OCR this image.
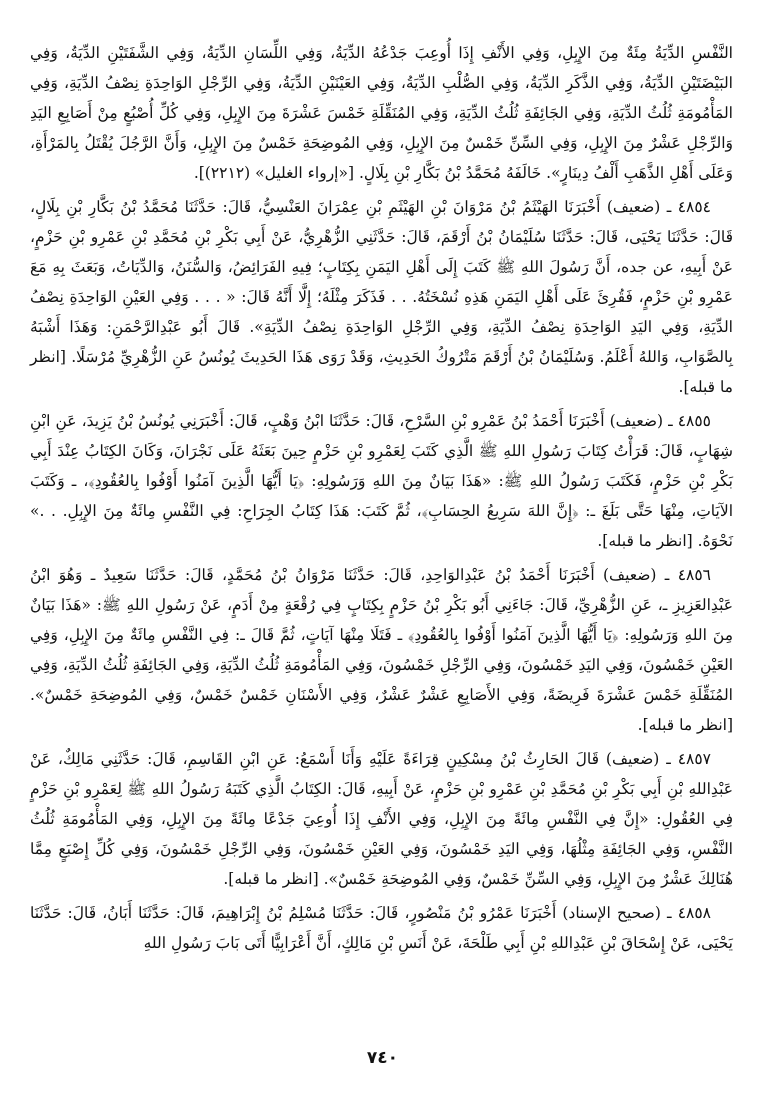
النَّفْسِ الدِّيَةُ مِئَةٌ مِنَ الإِبِلِ، وَفِي الأَنْفِ إِذَا أُوعِبَ جَدْعُهُ الدِّيَةُ، وَفِي اللِّسَانِ الدِّيَةُ، وَفِي الشَّفَتَيْنِ الدِّيَةُ، وَفِي البَيْضَتَيْنِ الدِّيَةُ، وَفِي الذَّكَرِ الدِّيَةُ، وَفِي الصُّلْبِ الدِّيَةُ، وَفِي العَيْنَيْنِ الدِّيَةُ، وَفِي الرِّجْلِ الوَاحِدَةِ نِصْفُ الدِّيَةِ، وَفِي المَأْمُومَةِ ثُلُثُ الدِّيَةِ، وَفِي الجَائِفَةِ ثُلُثُ الدِّيَةِ، وَفِي المُنَقِّلَةِ خَمْسَ عَشْرَةَ مِنَ الإِبِلِ، وَفِي كُلِّ أُصْبُعٍ مِنْ أَصَابِعِ اليَدِ وَالرِّجْلِ عَشْرٌ مِنَ الإِبِلِ، وَفِي السِّنِّ خَمْسٌ مِنَ الإِبِلِ، وَفِي المُوضِحَةِ خَمْسٌ مِنَ الإِبِلِ، وَأَنَّ الرَّجُلَ يُقْتَلُ بِالمَرْأَةِ، وَعَلَى أَهْلِ الذَّهَبِ أَلْفُ دِينَارٍ». خَالَفَهُ مُحَمَّدُ بْنُ بَكَّارِ بْنِ بِلَالٍ. [«إرواء الغليل» (٢٢١٢)].

٤٨٥٤ ـ (ضعيف) أَخْبَرَنَا الهَيْثَمُ بْنُ مَرْوَانَ بْنِ الهَيْثَمِ بْنِ عِمْرَانَ العَنْسِيُّ، قَالَ: حَدَّثَنَا مُحَمَّدُ بْنُ بَكَّارِ بْنِ بِلَالٍ، قَالَ: حَدَّثَنَا يَحْيَى، قَالَ: حَدَّثَنَا سُلَيْمَانُ بْنُ أَرْقَمَ، قَالَ: حَدَّثَنِي الزُّهْرِيُّ، عَنْ أَبِي بَكْرِ بْنِ مُحَمَّدِ بْنِ عَمْرِو بْنِ حَزْمٍ، عَنْ أَبِيهِ، عن جده، أَنَّ رَسُولَ اللهِ ﷺ كَتَبَ إِلَى أَهْلِ اليَمَنِ بِكِتَابٍ؛ فِيهِ الفَرَائِضُ، وَالسُّنَنُ، وَالدِّيَاتُ، وَبَعَثَ بِهِ مَعَ عَمْرِو بْنِ حَزْمٍ، فَقُرِئَ عَلَى أَهْلِ اليَمَنِ هَذِهِ نُسْخَتُهُ. . . فَذَكَرَ مِثْلَهُ؛ إِلَّا أَنَّهُ قَالَ: « . . . وَفِي العَيْنِ الوَاحِدَةِ نِصْفُ الدِّيَةِ، وَفِي اليَدِ الوَاحِدَةِ نِصْفُ الدِّيَةِ، وَفِي الرِّجْلِ الوَاحِدَةِ نِصْفُ الدِّيَةِ». قَالَ أَبُو عَبْدِالرَّحْمَنِ: وَهَذَا أَشْبَهُ بِالصَّوَابِ، وَاللهُ أَعْلَمُ. وَسُلَيْمَانُ بْنُ أَرْقَمَ مَتْرُوكُ الحَدِيثِ، وَقَدْ رَوَى هَذَا الحَدِيثَ يُونُسُ عَنِ الزُّهْرِيِّ مُرْسَلًا. [انظر ما قبله].

٤٨٥٥ ـ (ضعيف) أَخْبَرَنَا أَحْمَدُ بْنُ عَمْرِو بْنِ السَّرْحِ، قَالَ: حَدَّثَنَا ابْنُ وَهْبٍ، قَالَ: أَخْبَرَنِي يُونُسُ بْنُ يَزِيدَ، عَنِ ابْنِ شِهَابٍ، قَالَ: قَرَأْتُ كِتَابَ رَسُولِ اللهِ ﷺ الَّذِي كَتَبَ لِعَمْرِو بْنِ حَزْمٍ حِينَ بَعَثَهُ عَلَى نَجْرَانَ، وَكَانَ الكِتَابُ عِنْدَ أَبِي بَكْرِ بْنِ حَزْمٍ، فَكَتَبَ رَسُولُ اللهِ ﷺ: «هَذَا بَيَانٌ مِنَ اللهِ وَرَسُولِهِ: ﴿يَا أَيُّهَا الَّذِينَ آمَنُوا أَوْفُوا بِالعُقُودِ﴾، ـ وَكَتَبَ الآيَاتِ، مِنْهَا حَتَّى بَلَغَ ـ: ﴿إِنَّ اللهَ سَرِيعُ الحِسَابِ﴾، ثُمَّ كَتَبَ: هَذَا كِتَابُ الجِرَاحِ: فِي النَّفْسِ مِائَةٌ مِنَ الإِبِلِ. . .» نَحْوَهُ. [انظر ما قبله].

٤٨٥٦ ـ (ضعيف) أَخْبَرَنَا أَحْمَدُ بْنُ عَبْدِالوَاحِدِ، قَالَ: حَدَّثَنَا مَرْوَانُ بْنُ مُحَمَّدٍ، قَالَ: حَدَّثَنَا سَعِيدٌ ـ وَهُوَ ابْنُ عَبْدِالعَزِيزِ ـ، عَنِ الزُّهْرِيِّ، قَالَ: جَاءَنِي أَبُو بَكْرِ بْنُ حَزْمٍ بِكِتَابٍ فِي رُقْعَةٍ مِنْ أَدَمٍ، عَنْ رَسُولِ اللهِ ﷺ: «هَذَا بَيَانٌ مِنَ اللهِ وَرَسُولِهِ: ﴿يَا أَيُّهَا الَّذِينَ آمَنُوا أَوْفُوا بِالعُقُودِ﴾ ـ فَتَلَا مِنْهَا آيَاتٍ، ثُمَّ قَالَ ـ: فِي النَّفْسِ مِائَةٌ مِنَ الإِبِلِ، وَفِي العَيْنِ خَمْسُونَ، وَفِي اليَدِ خَمْسُونَ، وَفِي الرِّجْلِ خَمْسُونَ، وَفِي المَأْمُومَةِ ثُلُثُ الدِّيَةِ، وَفِي الجَائِفَةِ ثُلُثُ الدِّيَةِ، وَفِي المُنَقِّلَةِ خَمْسَ عَشْرَةَ فَرِيضَةً، وَفِي الأَصَابِعِ عَشْرٌ عَشْرٌ، وَفِي الأَسْنَانِ خَمْسٌ خَمْسٌ، وَفِي المُوضِحَةِ خَمْسٌ». [انظر ما قبله].

٤٨٥٧ ـ (ضعيف) قَالَ الحَارِثُ بْنُ مِسْكِينٍ قِرَاءَةً عَلَيْهِ وَأَنَا أَسْمَعُ: عَنِ ابْنِ القَاسِمِ، قَالَ: حَدَّثَنِي مَالِكٌ، عَنْ عَبْدِاللهِ بْنِ أَبِي بَكْرِ بْنِ مُحَمَّدِ بْنِ عَمْرِو بْنِ حَزْمٍ، عَنْ أَبِيهِ، قَالَ: الكِتَابُ الَّذِي كَتَبَهُ رَسُولُ اللهِ ﷺ لِعَمْرِو بْنِ حَزْمٍ فِي العُقُولِ: «إِنَّ فِي النَّفْسِ مِائَةً مِنَ الإِبِلِ، وَفِي الأَنْفِ إِذَا أُوعِيَ جَدْعًا مِائَةً مِنَ الإِبِلِ، وَفِي المَأْمُومَةِ ثُلُثُ النَّفْسِ، وَفِي الجَائِفَةِ مِثْلُهَا، وَفِي اليَدِ خَمْسُونَ، وَفِي العَيْنِ خَمْسُونَ، وَفِي الرِّجْلِ خَمْسُونَ، وَفِي كُلِّ إِصْبَعٍ مِمَّا هُنَالِكَ عَشْرٌ مِنَ الإِبِلِ، وَفِي السِّنِّ خَمْسٌ، وَفِي المُوضِحَةِ خَمْسٌ». [انظر ما قبله].

٤٨٥٨ ـ (صحيح الإسناد) أَخْبَرَنَا عَمْرُو بْنُ مَنْصُورٍ، قَالَ: حَدَّثَنَا مُسْلِمُ بْنُ إِبْرَاهِيمَ، قَالَ: حَدَّثَنَا أَبَانُ، قَالَ: حَدَّثَنَا يَحْيَى، عَنْ إِسْحَاقَ بْنِ عَبْدِاللهِ بْنِ أَبِي طَلْحَةَ، عَنْ أَنَسِ بْنِ مَالِكٍ، أَنَّ أَعْرَابِيًّا أَتَى بَابَ رَسُولِ اللهِ

٧٤٠
